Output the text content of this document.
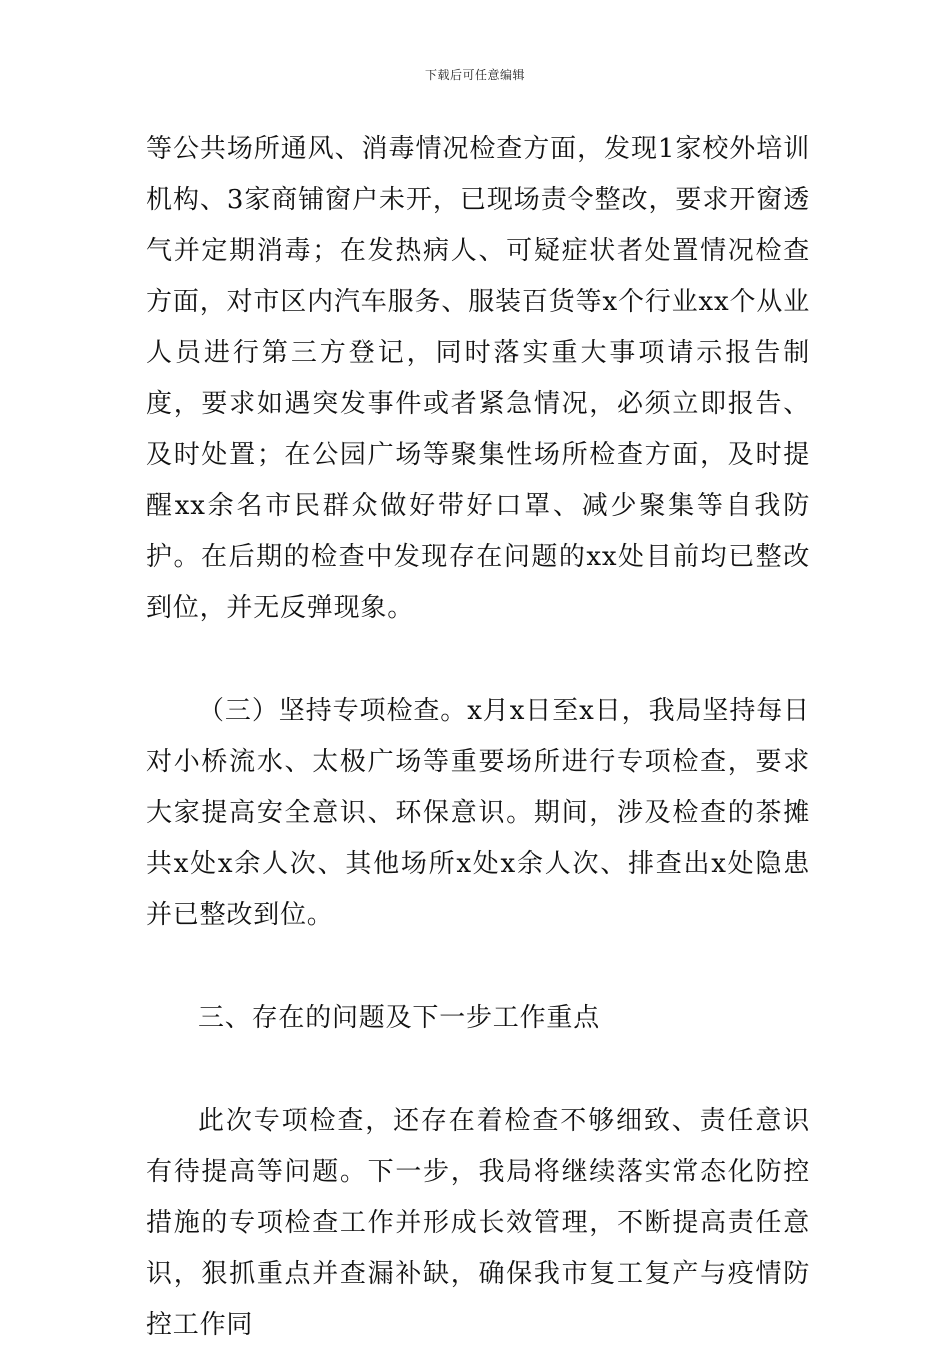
下载后可任意编辑

等公共场所通风、消毒情况检查方面，发现1家校外培训机构、3家商铺窗户未开，已现场责令整改，要求开窗透气并定期消毒；在发热病人、可疑症状者处置情况检查方面，对市区内汽车服务、服装百货等x个行业xx个从业人员进行第三方登记，同时落实重大事项请示报告制度，要求如遇突发事件或者紧急情况，必须立即报告、及时处置；在公园广场等聚集性场所检查方面，及时提醒xx余名市民群众做好带好口罩、减少聚集等自我防护。在后期的检查中发现存在问题的xx处目前均已整改到位，并无反弹现象。

（三）坚持专项检查。x月x日至x日，我局坚持每日对小桥流水、太极广场等重要场所进行专项检查，要求大家提高安全意识、环保意识。期间，涉及检查的茶摊共x处x余人次、其他场所x处x余人次、排查出x处隐患并已整改到位。

三、存在的问题及下一步工作重点

此次专项检查，还存在着检查不够细致、责任意识有待提高等问题。下一步，我局将继续落实常态化防控措施的专项检查工作并形成长效管理，不断提高责任意识，狠抓重点并查漏补缺，确保我市复工复产与疫情防控工作同
